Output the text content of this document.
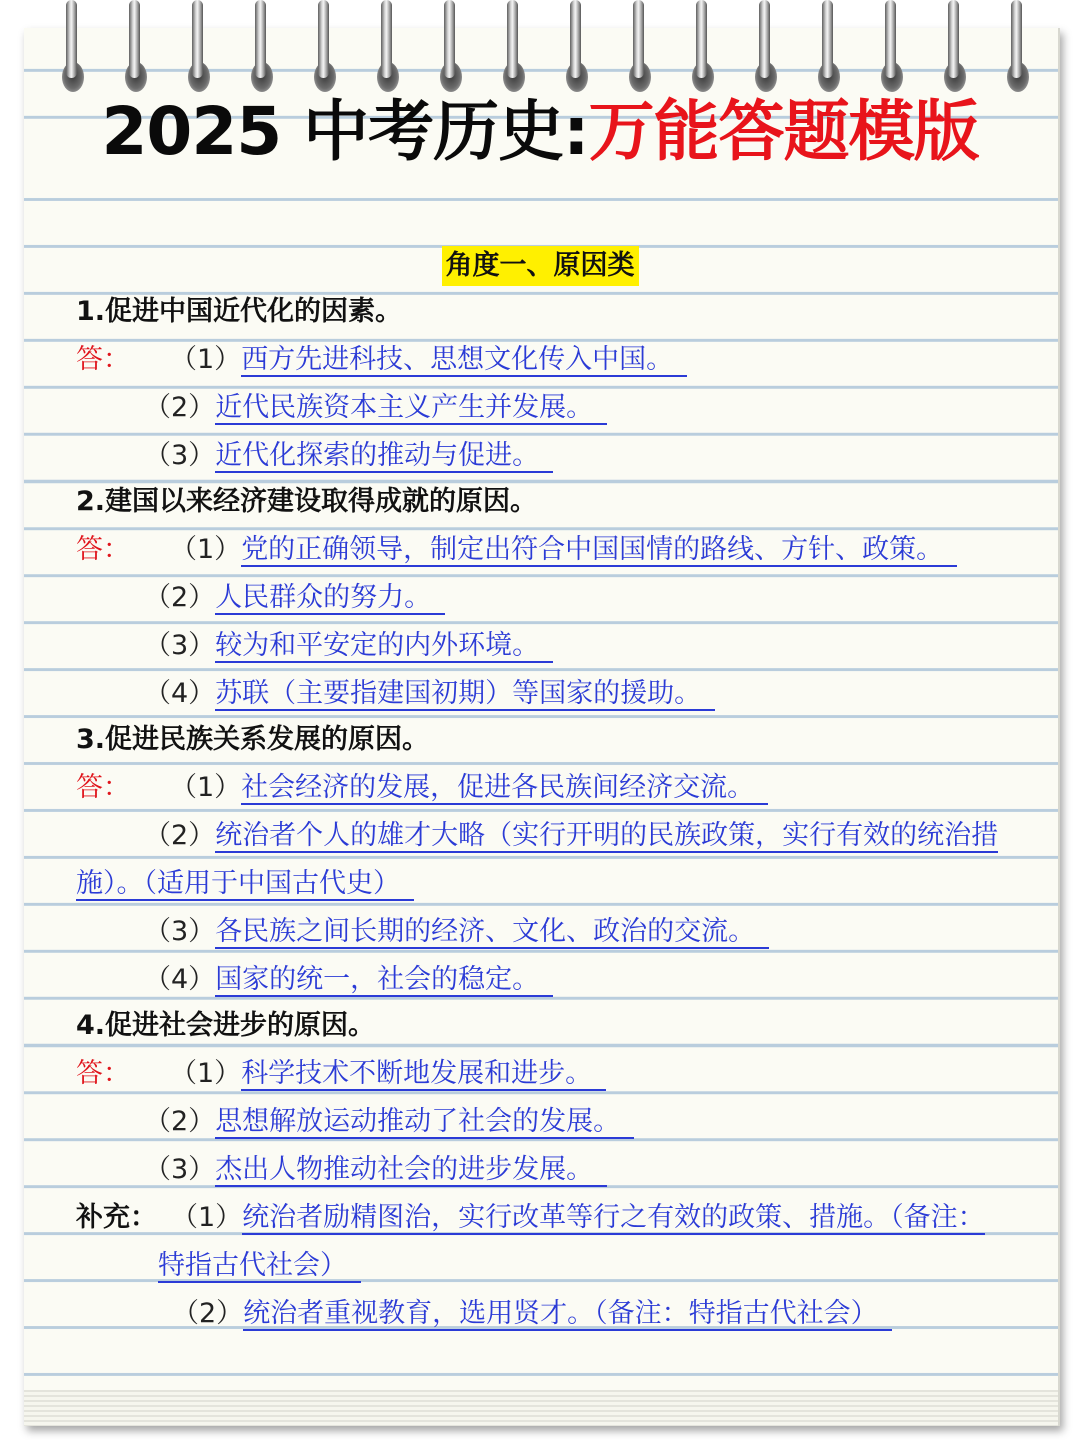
2025 中考历史:万能答题模版
角度一、原因类
1.促进中国近代化的因素。
答： （1）西方先进科技、思想文化传入中国。
（2）近代民族资本主义产生并发展。
（3）近代化探索的推动与促进。
2.建国以来经济建设取得成就的原因。
答： （1）党的正确领导，制定出符合中国国情的路线、方针、政策。
（2）人民群众的努力。
（3）较为和平安定的内外环境。
（4）苏联（主要指建国初期）等国家的援助。
3.促进民族关系发展的原因。
答： （1）社会经济的发展，促进各民族间经济交流。
（2）统治者个人的雄才大略（实行开明的民族政策，实行有效的统治措
施）。（适用于中国古代史）
（3）各民族之间长期的经济、文化、政治的交流。
（4）国家的统一，社会的稳定。
4.促进社会进步的原因。
答： （1）科学技术不断地发展和进步。
（2）思想解放运动推动了社会的发展。
（3）杰出人物推动社会的进步发展。
补充： （1）统治者励精图治，实行改革等行之有效的政策、措施。（备注：
特指古代社会）
（2）统治者重视教育，选用贤才。（备注：特指古代社会）
